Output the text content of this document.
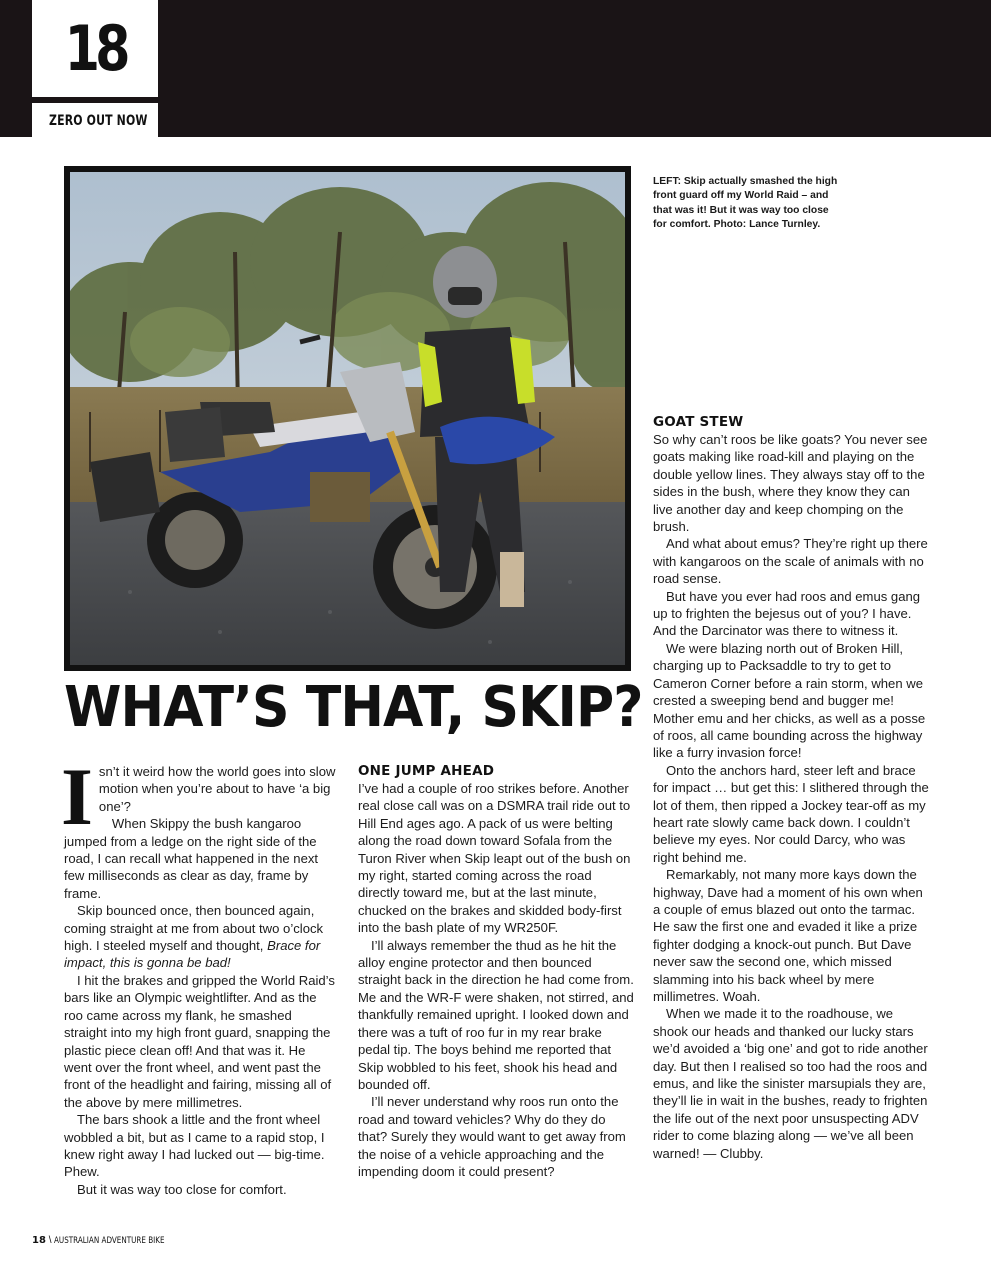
18
ZERO OUT NOW
LEFT: Skip actually smashed the high front guard off my World Raid – and that was it! But it was way too close for comfort. Photo: Lance Turnley.
WHAT’S THAT, SKIP?

Isn’t it weird how the world goes into slow motion when you’re about to have ‘a big one’?

When Skippy the bush kangaroo jumped from a ledge on the right side of the road, I can recall what happened in the next few milliseconds as clear as day, frame by frame.

Skip bounced once, then bounced again, coming straight at me from about two o’clock high. I steeled myself and thought, Brace for impact, this is gonna be bad!

I hit the brakes and gripped the World Raid’s bars like an Olympic weightlifter. And as the roo came across my flank, he smashed straight into my high front guard, snapping the plastic piece clean off! And that was it. He went over the front wheel, and went past the front of the headlight and fairing, missing all of the above by mere millimetres.

The bars shook a little and the front wheel wobbled a bit, but as I came to a rapid stop, I knew right away I had lucked out — big-time. Phew.

But it was way too close for comfort.

ONE JUMP AHEAD

I’ve had a couple of roo strikes before. Another real close call was on a DSMRA trail ride out to Hill End ages ago. A pack of us were belting along the road down toward Sofala from the Turon River when Skip leapt out of the bush on my right, started coming across the road directly toward me, but at the last minute, chucked on the brakes and skidded body-first into the bash plate of my WR250F.

I’ll always remember the thud as he hit the alloy engine protector and then bounced straight back in the direction he had come from. Me and the WR-F were shaken, not stirred, and thankfully remained upright. I looked down and there was a tuft of roo fur in my rear brake pedal tip. The boys behind me reported that Skip wobbled to his feet, shook his head and bounded off.

I’ll never understand why roos run onto the road and toward vehicles? Why do they do that? Surely they would want to get away from the noise of a vehicle approaching and the impending doom it could present?

GOAT STEW

So why can’t roos be like goats? You never see goats making like road-kill and playing on the double yellow lines. They always stay off to the sides in the bush, where they know they can live another day and keep chomping on the brush.

And what about emus? They’re right up there with kangaroos on the scale of animals with no road sense.

But have you ever had roos and emus gang up to frighten the bejesus out of you? I have. And the Darcinator was there to witness it.

We were blazing north out of Broken Hill, charging up to Packsaddle to try to get to Cameron Corner before a rain storm, when we crested a sweeping bend and bugger me! Mother emu and her chicks, as well as a posse of roos, all came bounding across the highway like a furry invasion force!

Onto the anchors hard, steer left and brace for impact … but get this: I slithered through the lot of them, then ripped a Jockey tear-off as my heart rate slowly came back down. I couldn’t believe my eyes. Nor could Darcy, who was right behind me.

Remarkably, not many more kays down the highway, Dave had a moment of his own when a couple of emus blazed out onto the tarmac. He saw the first one and evaded it like a prize fighter dodging a knock-out punch. But Dave never saw the second one, which missed slamming into his back wheel by mere millimetres. Woah.

When we made it to the roadhouse, we shook our heads and thanked our lucky stars we’d avoided a ‘big one’ and got to ride another day. But then I realised so too had the roos and emus, and like the sinister marsupials they are, they’ll lie in wait in the bushes, ready to frighten the life out of the next poor unsuspecting ADV rider to come blazing along — we’ve all been warned! — Clubby.

18 \ AUSTRALIAN ADVENTURE BIKE
